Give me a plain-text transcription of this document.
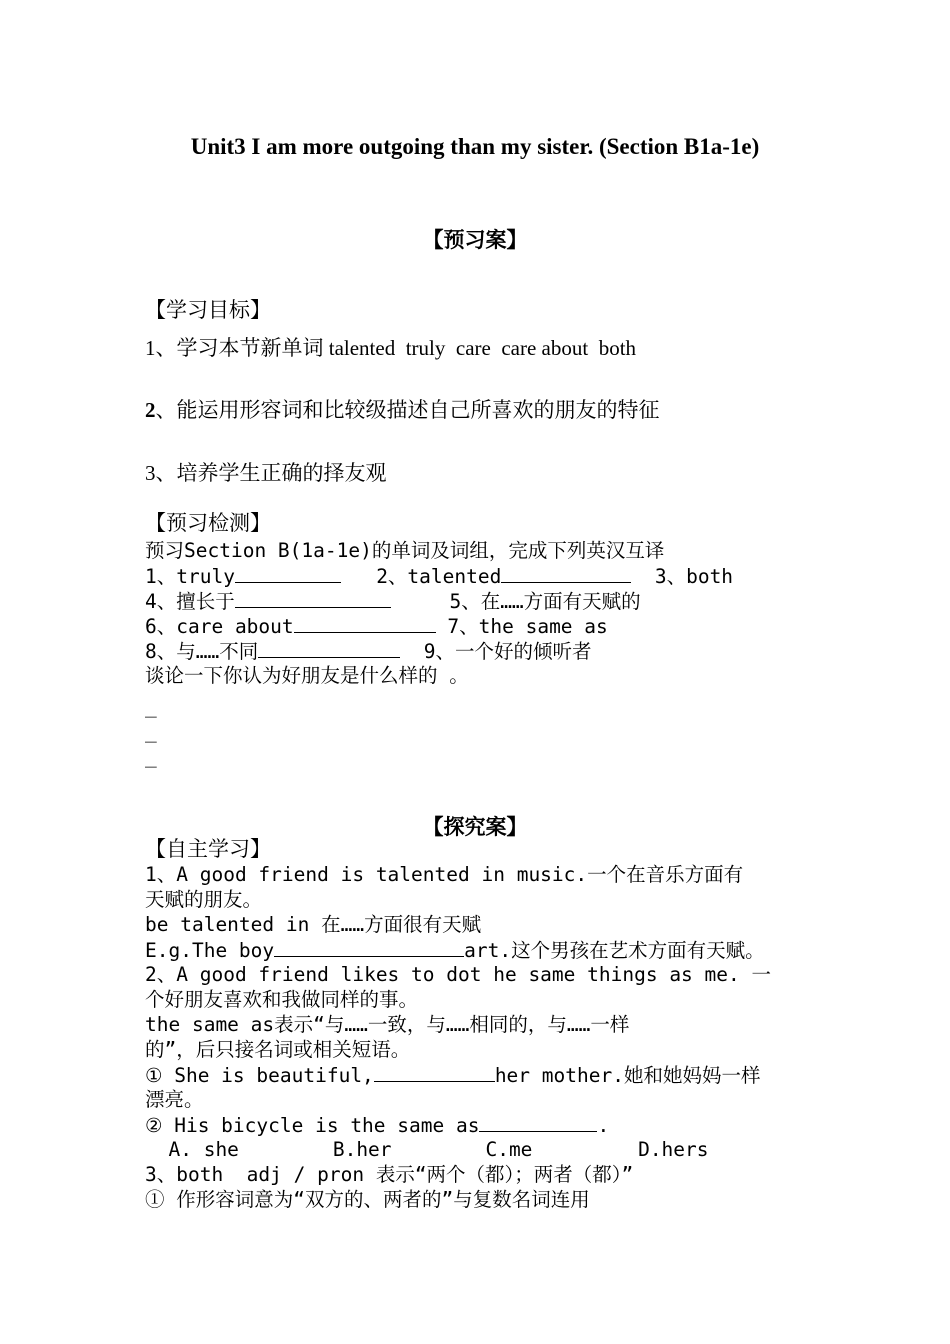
Unit3 I am more outgoing than my sister. (Section B1a-1e)
【预习案】
【学习目标】
1、学习本节新单词 talented  truly  care  care about  both
2、能运用形容词和比较级描述自己所喜欢的朋友的特征
3、培养学生正确的择友观
【预习检测】
预习Section B(1a-1e)的单词及词组，完成下列英汉互译
1、truly	2、talented	3、both
4、擅长于	5、在……方面有天赋的
6、care about	7、the same as
8、与……不同	9、一个好的倾听者
谈论一下你认为好朋友是什么样的 。
_
_
_
【探究案】
【自主学习】
1、A good friend is talented in music.一个在音乐方面有
天赋的朋友。
be talented in 在……方面很有天赋
E.g.The boy	art.这个男孩在艺术方面有天赋。
2、A good friend likes to dot he same things as me. 一
个好朋友喜欢和我做同样的事。
the same as表示“与……一致，与……相同的，与……一样
的”，后只接名词或相关短语。
① She is beautiful,	her mother.她和她妈妈一样
漂亮。
② His bicycle is the same as	.
A. she        B.her        C.me         D.hers
3、both  adj / pron 表示“两个（都）；两者（都）”
① 作形容词意为“双方的、两者的”与复数名词连用
